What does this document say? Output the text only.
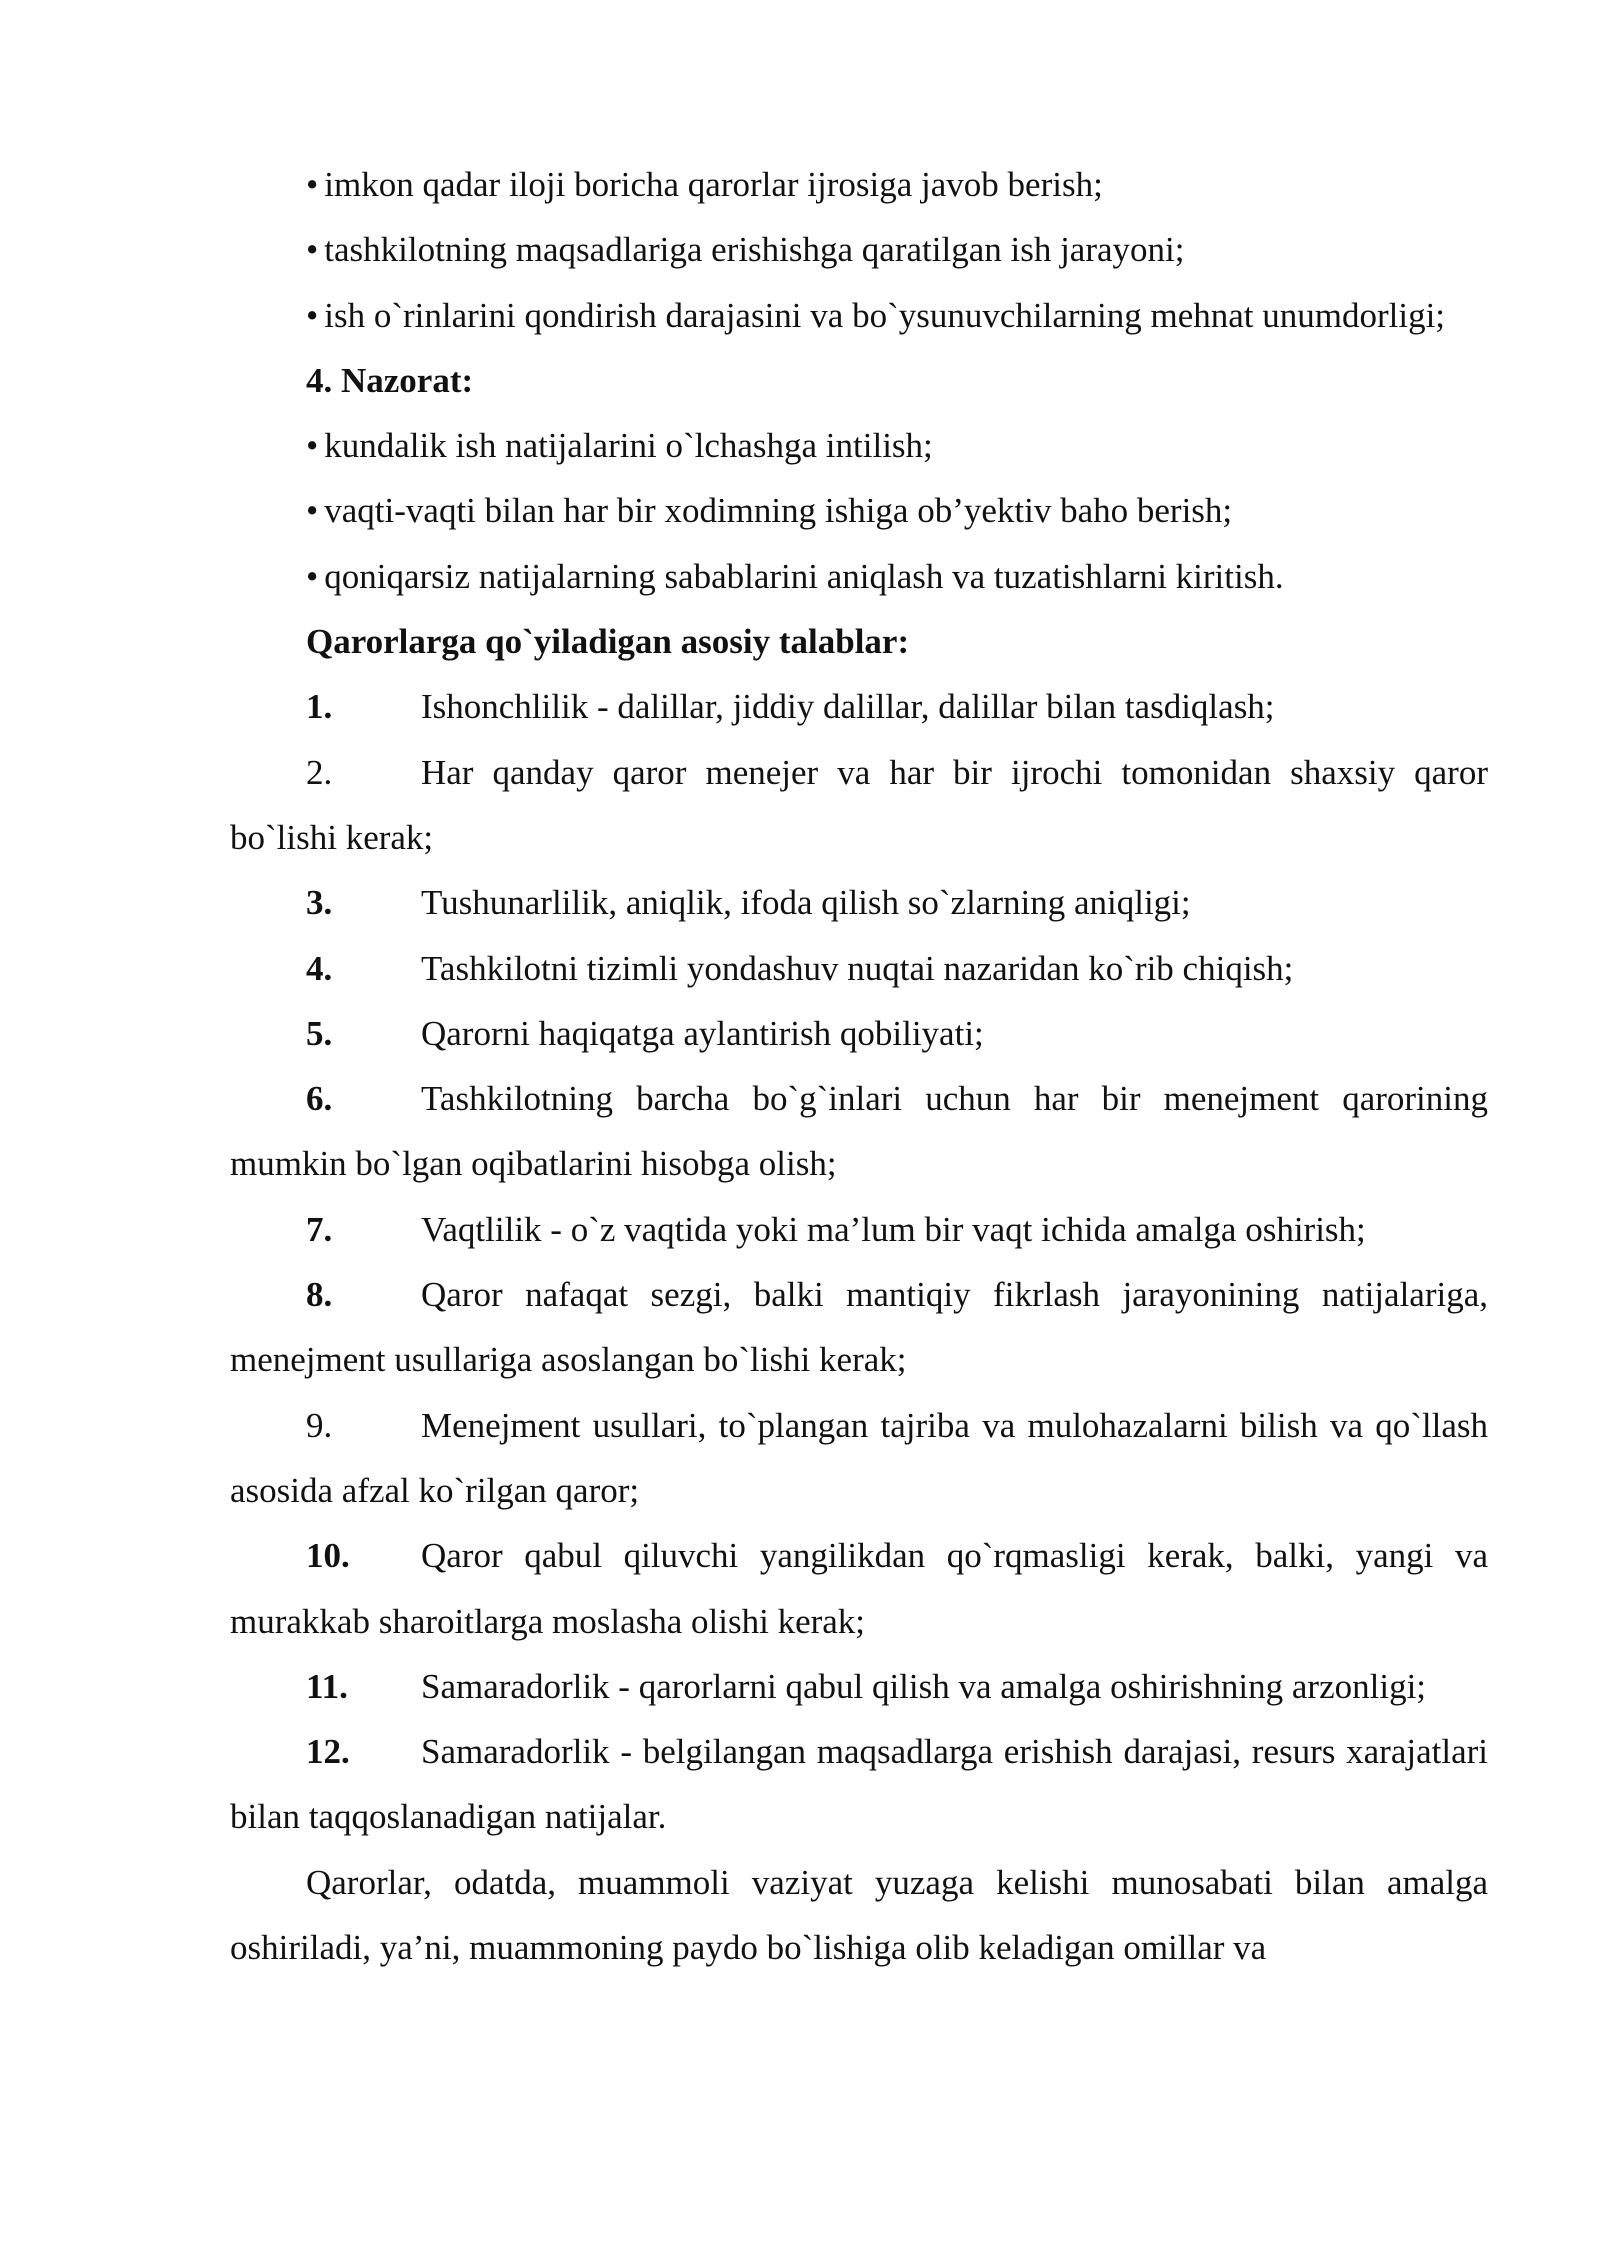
• imkon qadar iloji boricha qarorlar ijrosiga javob berish;

• tashkilotning maqsadlariga erishishga qaratilgan ish jarayoni;

• ish o`rinlarini qondirish darajasini va bo`ysunuvchilarning mehnat unumdorligi;

4. Nazorat:

• kundalik ish natijalarini o`lchashga intilish;

• vaqti-vaqti bilan har bir xodimning ishiga ob’yektiv baho berish;

• qoniqarsiz natijalarning sabablarini aniqlash va tuzatishlarni kiritish.

Qarorlarga qo`yiladigan asosiy talablar:

1.	Ishonchlilik - dalillar, jiddiy dalillar, dalillar bilan tasdiqlash;

2.	Har qanday qaror menejer va har bir ijrochi tomonidan shaxsiy qaror bo`lishi kerak;

3.	Tushunarlilik, aniqlik, ifoda qilish so`zlarning aniqligi;

4.	Tashkilotni tizimli yondashuv nuqtai nazaridan ko`rib chiqish;

5.	Qarorni haqiqatga aylantirish qobiliyati;

6.	Tashkilotning barcha bo`g`inlari uchun har bir menejment qarorining mumkin bo`lgan oqibatlarini hisobga olish;

7.	Vaqtlilik - o`z vaqtida yoki ma’lum bir vaqt ichida amalga oshirish;

8.	Qaror nafaqat sezgi, balki mantiqiy fikrlash jarayonining natijalariga, menejment usullariga asoslangan bo`lishi kerak;

9.	Menejment usullari, to`plangan tajriba va mulohazalarni bilish va qo`llash asosida afzal ko`rilgan qaror;

10. Qaror qabul qiluvchi yangilikdan qo`rqmasligi kerak, balki, yangi va murakkab sharoitlarga moslasha olishi kerak;

11. Samaradorlik - qarorlarni qabul qilish va amalga oshirishning arzonligi;

12. Samaradorlik - belgilangan maqsadlarga erishish darajasi, resurs xarajatlari bilan taqqoslanadigan natijalar.

Qarorlar, odatda, muammoli vaziyat yuzaga kelishi munosabati bilan amalga oshiriladi, ya’ni, muammoning paydo bo`lishiga olib keladigan omillar va
